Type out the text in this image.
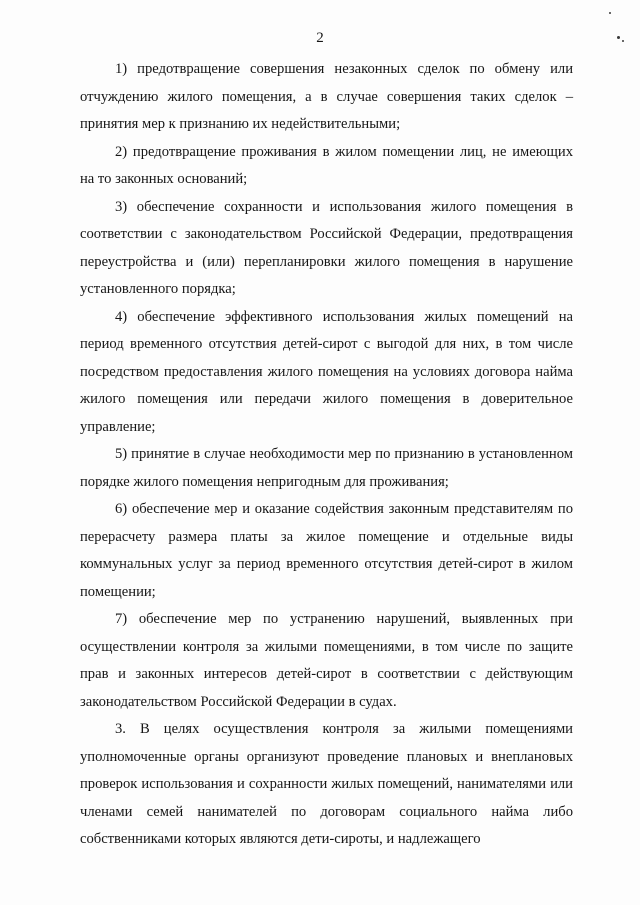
2

1) предотвращение совершения незаконных сделок по обмену или отчуждению жилого помещения, а в случае совершения таких сделок – принятия мер к признанию их недействительными;

2) предотвращение проживания в жилом помещении лиц, не имеющих на то законных оснований;

3) обеспечение сохранности и использования жилого помещения в соответствии с законодательством Российской Федерации, предотвращения переустройства и (или) перепланировки жилого помещения в нарушение установленного порядка;

4) обеспечение эффективного использования жилых помещений на период временного отсутствия детей-сирот с выгодой для них, в том числе посредством предоставления жилого помещения на условиях договора найма жилого помещения или передачи жилого помещения в доверительное управление;

5) принятие в случае необходимости мер по признанию в установленном порядке жилого помещения непригодным для проживания;

6) обеспечение мер и оказание содействия законным представителям по перерасчету размера платы за жилое помещение и отдельные виды коммунальных услуг за период временного отсутствия детей-сирот в жилом помещении;

7) обеспечение мер по устранению нарушений, выявленных при осуществлении контроля за жилыми помещениями, в том числе по защите прав и законных интересов детей-сирот в соответствии с действующим законодательством Российской Федерации в судах.

3. В целях осуществления контроля за жилыми помещениями уполномоченные органы организуют проведение плановых и внеплановых проверок использования и сохранности жилых помещений, нанимателями или членами семей нанимателей по договорам социального найма либо собственниками которых являются дети-сироты, и надлежащего
